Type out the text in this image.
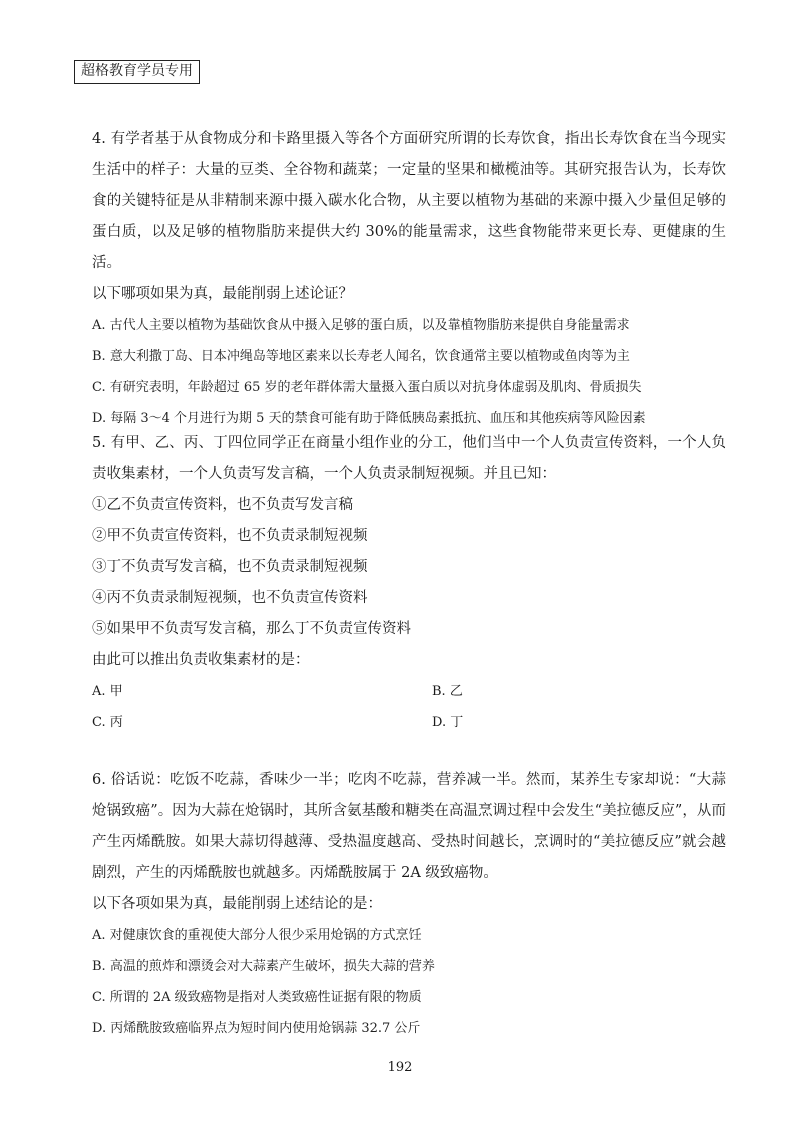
超格教育学员专用

4. 有学者基于从食物成分和卡路里摄入等各个方面研究所谓的长寿饮食，指出长寿饮食在当今现实生活中的样子：大量的豆类、全谷物和蔬菜；一定量的坚果和橄榄油等。其研究报告认为，长寿饮食的关键特征是从非精制来源中摄入碳水化合物，从主要以植物为基础的来源中摄入少量但足够的蛋白质，以及足够的植物脂肪来提供大约 30%的能量需求，这些食物能带来更长寿、更健康的生活。

以下哪项如果为真，最能削弱上述论证？

A. 古代人主要以植物为基础饮食从中摄入足够的蛋白质，以及靠植物脂肪来提供自身能量需求

B. 意大利撒丁岛、日本冲绳岛等地区素来以长寿老人闻名，饮食通常主要以植物或鱼肉等为主

C. 有研究表明，年龄超过 65 岁的老年群体需大量摄入蛋白质以对抗身体虚弱及肌肉、骨质损失

D. 每隔 3～4 个月进行为期 5 天的禁食可能有助于降低胰岛素抵抗、血压和其他疾病等风险因素

5. 有甲、乙、丙、丁四位同学正在商量小组作业的分工，他们当中一个人负责宣传资料，一个人负责收集素材，一个人负责写发言稿，一个人负责录制短视频。并且已知：

①乙不负责宣传资料，也不负责写发言稿

②甲不负责宣传资料，也不负责录制短视频

③丁不负责写发言稿，也不负责录制短视频

④丙不负责录制短视频，也不负责宣传资料

⑤如果甲不负责写发言稿，那么丁不负责宣传资料

由此可以推出负责收集素材的是：

A. 甲	B. 乙

C. 丙	D. 丁

6. 俗话说：吃饭不吃蒜，香味少一半；吃肉不吃蒜，营养减一半。然而，某养生专家却说：“大蒜炝锅致癌”。因为大蒜在炝锅时，其所含氨基酸和糖类在高温烹调过程中会发生“美拉德反应”，从而产生丙烯酰胺。如果大蒜切得越薄、受热温度越高、受热时间越长，烹调时的“美拉德反应”就会越剧烈，产生的丙烯酰胺也就越多。丙烯酰胺属于 2A 级致癌物。

以下各项如果为真，最能削弱上述结论的是：

A. 对健康饮食的重视使大部分人很少采用炝锅的方式烹饪

B. 高温的煎炸和漂烫会对大蒜素产生破坏，损失大蒜的营养

C. 所谓的 2A 级致癌物是指对人类致癌性证据有限的物质

D. 丙烯酰胺致癌临界点为短时间内使用炝锅蒜 32.7 公斤

192
